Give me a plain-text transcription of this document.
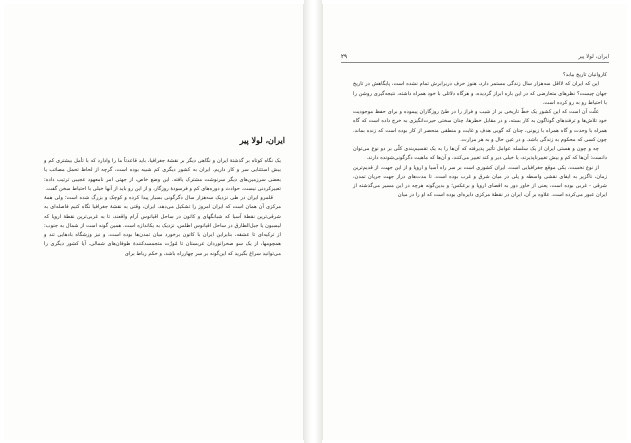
ایران، لولا پیر

یک نگاه کوتاه بر گذشتهٔ ایران و نگاهی دیگر بر نقشهٔ جغرافیا، باید قاعدتاً ما را وادارد که با تأمل بیشتری کم و بیش استثنایی سر و کار داریم. ایران به کشور دیگری کم شبیه بوده است، گرچه از لحاظ تحمل مصائب یا بعضی سرزمین‌های دیگر سرنوشت مشترک یافته. این وضع خاص، از جهتی امر نامعهود عجیبی ترتیب داده: تعبیرکردنی نیست. حوادث و دوره‌های کم و فرسودهٔ روزگار، و از این رو باید از آنها خیلی با احتیاط سخن گفت.

قلمرو ایران در طی نزدیک سه‌هزار سال دگرگونی بسیار پیدا کرده و کوچک و بزرگ شده است؛ ولی همهٔ مرکزی آن همان است که ایران امروز را تشکیل می‌دهد. ایران، وقتی به نقشهٔ جغرافیا نگاه کنیم فاصله‌ای به شرقی‌ترین نقطهٔ آسیا که شبانگهای و کاتون در ساحل اقیانوس آرام واقعند، تا به غربی‌ترین نقطهٔ اروپا که لیسبون یا جبل‌الطارق در ساحل اقیانوس اطلس، نزدیک به یکاندازه است. همین گونه است از شمال به جنوب: از ترکیه‌ای تا عشقه، بنابراین ایران با کاتون برخورد میان تمدن‌ها بوده است، و نیز وزشگاه بادهایی تند و همچومها، از یک سو صحرانوردان عربستان تا مُورْت متجمسدکنندهٔ طوفان‌های شمالی. آیا کشور دیگری را می‌توانید سراغ بگیرید که این‌گونه بر سر چهارراه باشد، و حکم رباط برای

ایران، لولا پیر
۲۹

کاروانیان تاریخ بیابد؟

این که ایران که لااقل سه‌هزار سال زندگی مستمر دارد، هنوز حرف دربرابرش تمام نشده است، پایگاهش در تاریخ جهان چیست؟ نظرهای متعارضی که در این باره ابراز گردیده، و هرگاه دلائلی با خود همراه داشته، نتیجه‌گیری روشن را با احتیاط رو به رو کرده است.

علّت آن است که این کشور یک خطّ تاریخی بر از شیب و فراز را در طیّ روزگاران پیموده و برای حفظ موجودیت خود تلاش‌ها و ترفندهای گوناگون به کار بسته، و در مقابل خطرها، چنان سختی حیرت‌انگیزی به خرج داده است که گاه همراه با وحدت و گاه همراه با زیونی، چنان که گویی هدف و غایت و منطقی منحصر از کار بوده است که زنده بماند. چون کسی که محکوم به زندگی باشد. و در عین حال و به هر مرارت.

چه و چون و هستی ایران از یک سلسله عوامل تأثیر پذیرفته که آن‌ها را به یک تقسیم‌بندی کلّی بر دو نوع می‌توان دانست: آن‌ها که کم و بیش تغییرناپذیرند، یا خیلی دیر و کند تغییر می‌کنند، و آن‌ها که ماهیت دگرگونی‌شونده دارند.

از نوع نخست، یکی موقع جغرافیایی است. ایران کشوری است بر سر راه آسیا و اروپا و از این جهت، از قدیم‌ترین زمان، ناگزیر به ایفای نقشی واسطه و پلی در میان شرق و غرب بوده است. تا مدت‌های دراز جهت جریان تمدن، شرقی - غربی بوده است، یعنی از خاور دور به اقصای اروپا و برعکس؛ و بدین‌گونه هرچه در این مسیر می‌گذشته از ایران عبور می‌کرده است. علاوه بر آن، ایران در نقطهٔ مرکزی دایره‌ای بوده است که او را در میان
